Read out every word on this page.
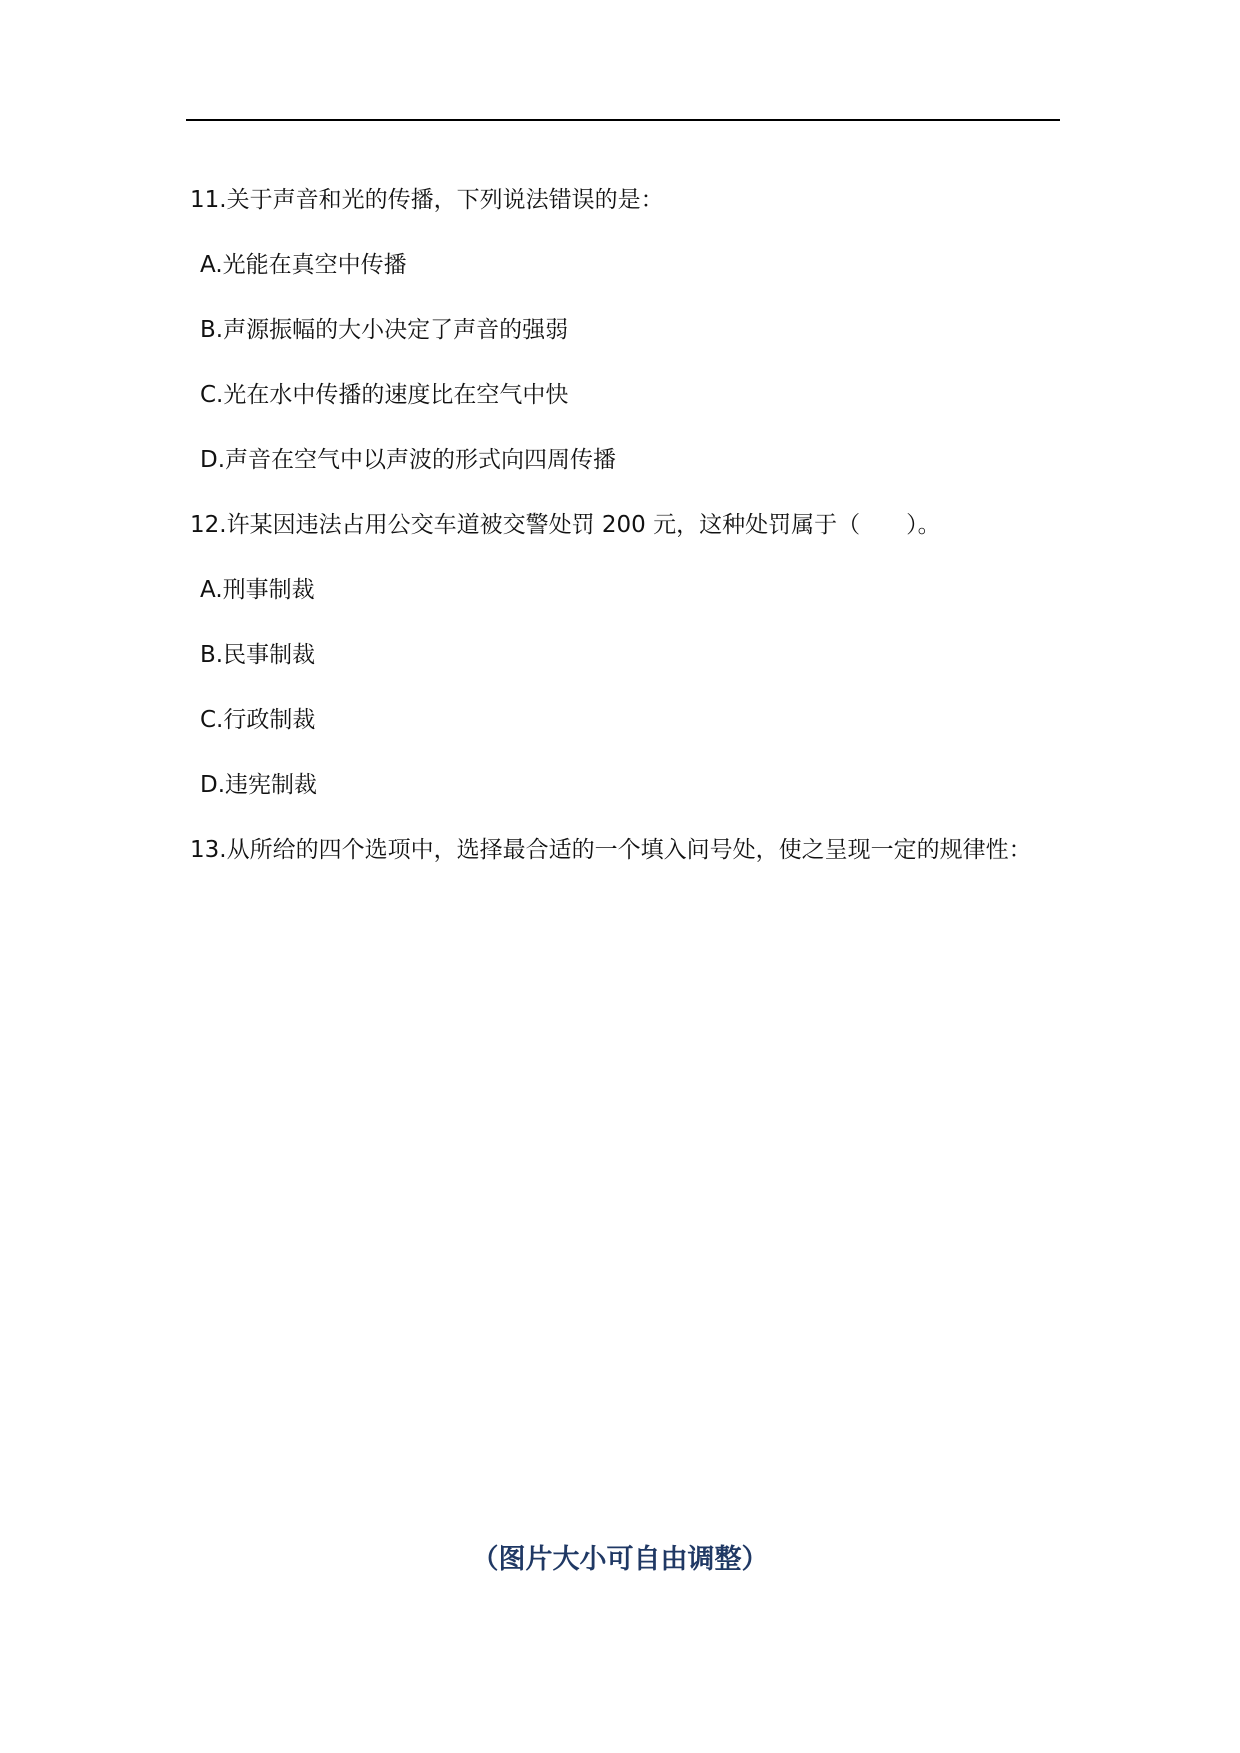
11.关于声音和光的传播，下列说法错误的是：
A.光能在真空中传播
B.声源振幅的大小决定了声音的强弱
C.光在水中传播的速度比在空气中快
D.声音在空气中以声波的形式向四周传播
12.许某因违法占用公交车道被交警处罚 200 元，这种处罚属于（　　）。
A.刑事制裁
B.民事制裁
C.行政制裁
D.违宪制裁
13.从所给的四个选项中，选择最合适的一个填入问号处，使之呈现一定的规律性：
（图片大小可自由调整）
